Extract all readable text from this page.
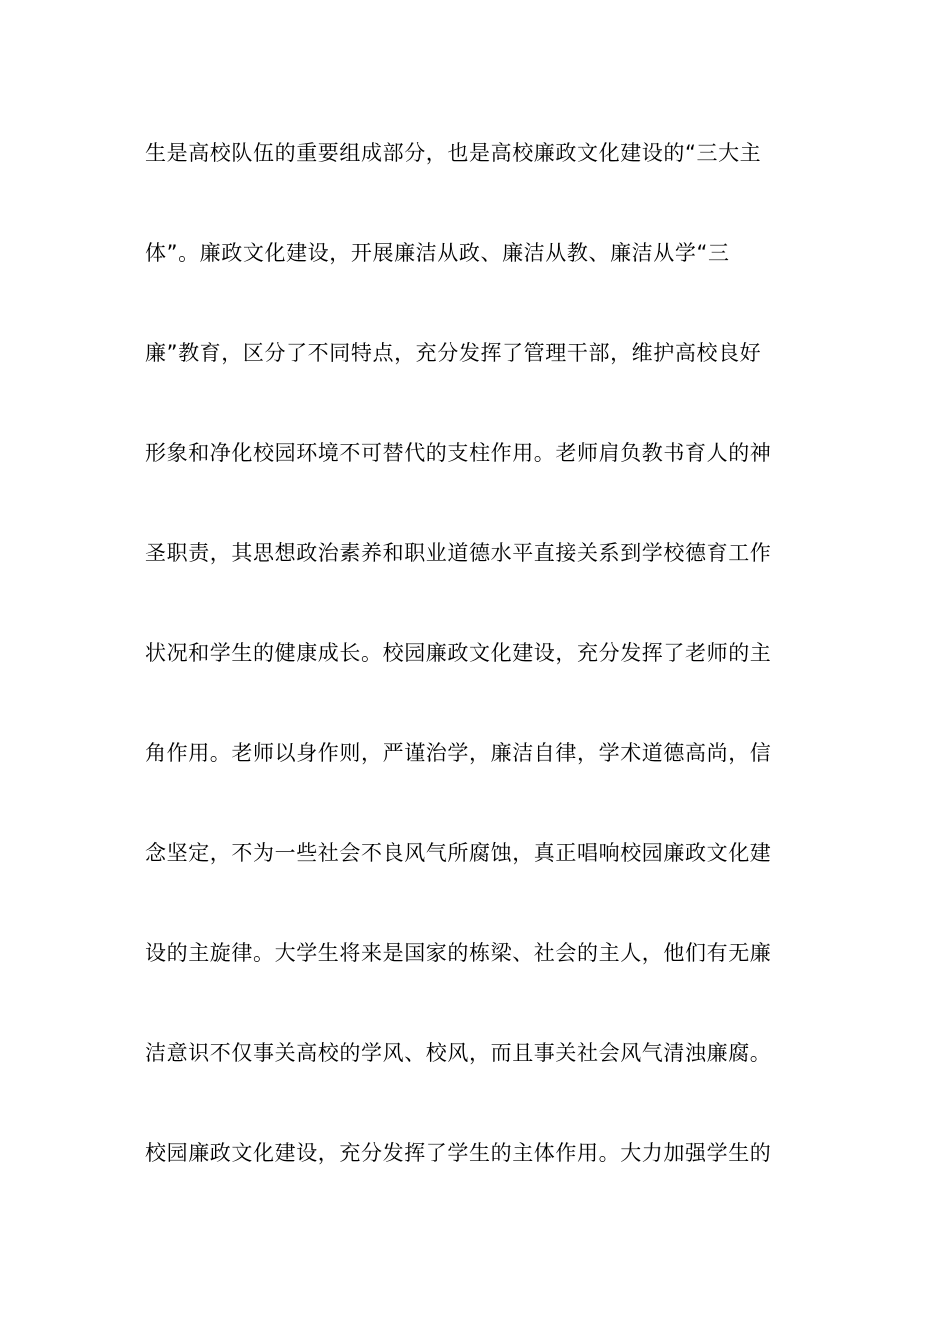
生是高校队伍的重要组成部分，也是高校廉政文化建设的“三大主
体”。廉政文化建设，开展廉洁从政、廉洁从教、廉洁从学“三
廉”教育，区分了不同特点，充分发挥了管理干部，维护高校良好
形象和净化校园环境不可替代的支柱作用。老师肩负教书育人的神
圣职责，其思想政治素养和职业道德水平直接关系到学校德育工作
状况和学生的健康成长。校园廉政文化建设，充分发挥了老师的主
角作用。老师以身作则，严谨治学，廉洁自律，学术道德高尚，信
念坚定，不为一些社会不良风气所腐蚀，真正唱响校园廉政文化建
设的主旋律。大学生将来是国家的栋梁、社会的主人，他们有无廉
洁意识不仅事关高校的学风、校风，而且事关社会风气清浊廉腐。
校园廉政文化建设，充分发挥了学生的主体作用。大力加强学生的
